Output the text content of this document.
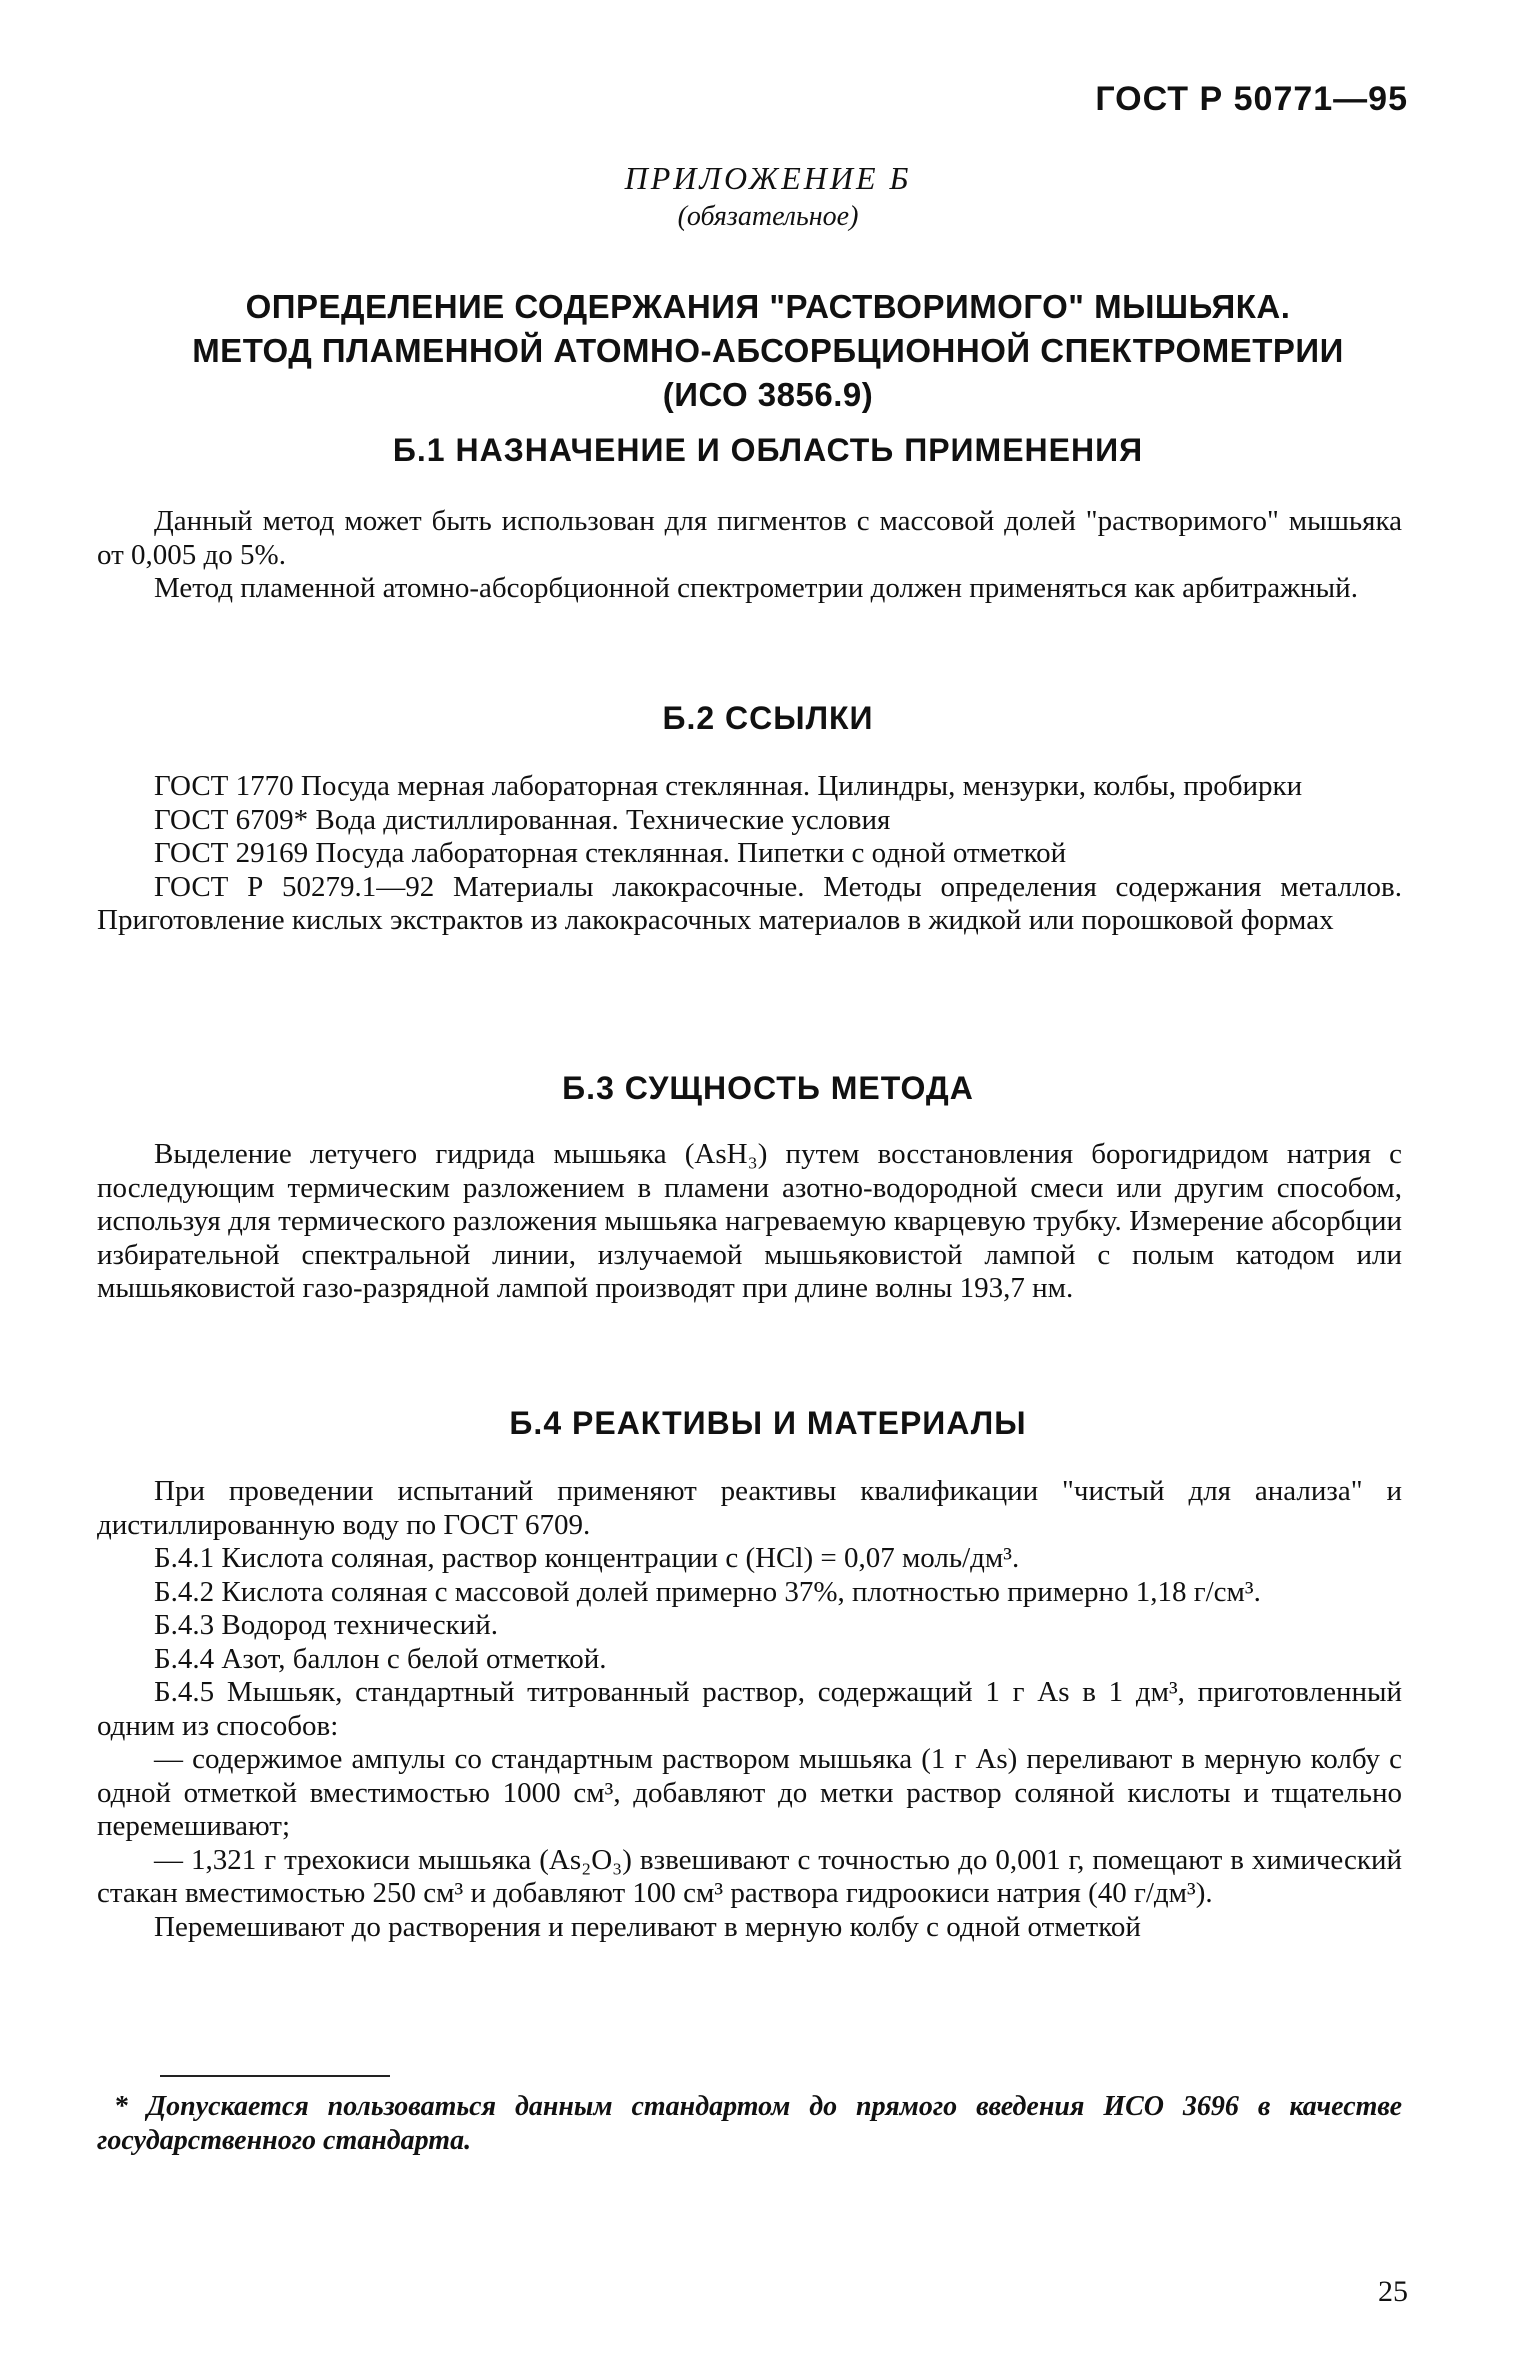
ГОСТ Р 50771—95
ПРИЛОЖЕНИЕ Б
(обязательное)
ОПРЕДЕЛЕНИЕ СОДЕРЖАНИЯ "РАСТВОРИМОГО" МЫШЬЯКА.
МЕТОД ПЛАМЕННОЙ АТОМНО-АБСОРБЦИОННОЙ СПЕКТРОМЕТРИИ
(ИСО 3856.9)
Б.1 НАЗНАЧЕНИЕ И ОБЛАСТЬ ПРИМЕНЕНИЯ

Данный метод может быть использован для пигментов с массовой долей "растворимого" мышьяка от 0,005 до 5%.

Метод пламенной атомно-абсорбционной спектрометрии должен применяться как арбитражный.

Б.2 ССЫЛКИ

ГОСТ 1770 Посуда мерная лабораторная стеклянная. Цилиндры, мензурки, колбы, пробирки

ГОСТ 6709* Вода дистиллированная. Технические условия

ГОСТ 29169 Посуда лабораторная стеклянная. Пипетки с одной отметкой

ГОСТ Р 50279.1—92 Материалы лакокрасочные. Методы определения содержания металлов. Приготовление кислых экстрактов из лакокрасочных материалов в жидкой или порошковой формах

Б.3 СУЩНОСТЬ МЕТОДА

Выделение летучего гидрида мышьяка (AsH₃) путем восстановления борогидридом натрия с последующим термическим разложением в пламени азотно-водородной смеси или другим способом, используя для термического разложения мышьяка нагреваемую кварцевую трубку. Измерение абсорбции избирательной спектральной линии, излучаемой мышьяковистой лампой с полым катодом или мышьяковистой газо-разрядной лампой производят при длине волны 193,7 нм.

Б.4 РЕАКТИВЫ И МАТЕРИАЛЫ

При проведении испытаний применяют реактивы квалификации "чистый для анализа" и дистиллированную воду по ГОСТ 6709.

Б.4.1 Кислота соляная, раствор концентрации c (HCl) = 0,07 моль/дм³.

Б.4.2 Кислота соляная с массовой долей примерно 37%, плотностью примерно 1,18 г/см³.

Б.4.3 Водород технический.

Б.4.4 Азот, баллон с белой отметкой.

Б.4.5 Мышьяк, стандартный титрованный раствор, содержащий 1 г As в 1 дм³, приготовленный одним из способов:

— содержимое ампулы со стандартным раствором мышьяка (1 г As) переливают в мерную колбу с одной отметкой вместимостью 1000 см³, добавляют до метки раствор соляной кислоты и тщательно перемешивают;

— 1,321 г трехокиси мышьяка (As₂O₃) взвешивают с точностью до 0,001 г, помещают в химический стакан вместимостью 250 см³ и добавляют 100 см³ раствора гидроокиси натрия (40 г/дм³).

Перемешивают до растворения и переливают в мерную колбу с одной отметкой

* Допускается пользоваться данным стандартом до прямого введения ИСО 3696 в качестве государственного стандарта.
25
